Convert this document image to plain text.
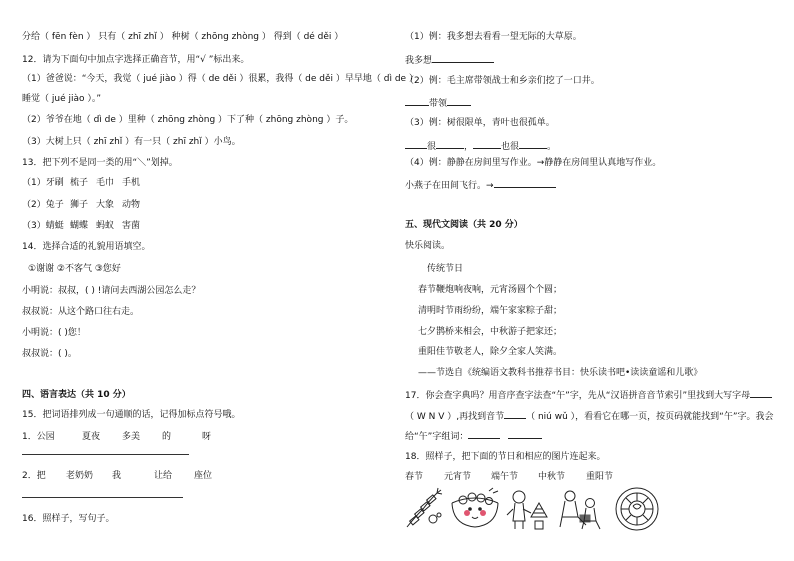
分给（ fēn fèn ） 只有（ zhī zhǐ ） 种树（ zhōng zhòng ） 得到（ dé děi ）
12．请为下面句中加点字选择正确音节，用“√ ”标出来。
（1）爸爸说：“今天，我觉（ jué jiào ）得（ de děi ）很累，我得（ de děi ）早早地（ dì de ）
睡觉（ jué jiào ）。”
（2）爷爷在地（ dì de ）里种（ zhōng zhòng ）下了种（ zhōng zhòng ）子。
（3）大树上只（ zhī zhǐ ）有一只（ zhī zhǐ ）小鸟。
13．把下列不是同一类的用“＼”划掉。
（1）牙刷 梳子 毛巾 手机
（2）兔子 狮子 大象 动物
（3）蜻蜓 蝴蝶 蚂蚁 害菌
14．选择合适的礼貌用语填空。
①谢谢 ②不客气 ③您好
小明说：叔叔，( ) !请问去西湖公园怎么走？
叔叔说：从这个路口往右走。
小明说：( )您！
叔叔说：( )。
四、语言表达（共 10 分）
15．把词语排列成一句通顺的话，记得加标点符号哦。
1．公园	夏夜 多美 的	呀
2．把 老奶奶 我	让给 座位
16．照样子，写句子。
（1）例：我多想去看看一望无际的大草原。
我多想
（2）例：毛主席带领战士和乡亲们挖了一口井。
带领
（3）例：树很限单，青叶也很孤单。
很	，	也很	。
（4）例：静静在房间里写作业。→静静在房间里认真地写作业。
小燕子在田间飞行。→
五、现代文阅读（共 20 分）
快乐阅读。
传统节日
春节鞭炮响夜响，元宵汤圆个个圆；
清明时节雨纷纷，端午家家粽子甜；
七夕鹊桥来相会，中秋游子把家还；
重阳佳节敬老人，除夕全家人笑满。
——节选自《统编语文教科书推荐书目：快乐读书吧•读读童谣和儿歌》
17．你会查字典吗？用音序查字法查“午”字，先从“汉语拼音音节索引”里找到大写字母
（ W N V ）,再找到音节 （ niú wǔ ），看看它在哪一页，按页码就能找到“午”字。我会
给“午”字组词：
18．照样子，把下面的节日和相应的图片连起来。
春节 元宵节 端午节 中秋节 重阳节
